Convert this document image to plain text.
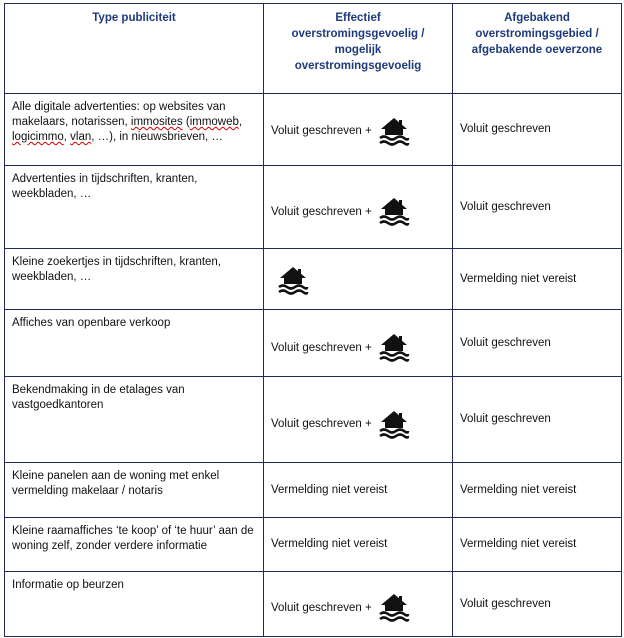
Type publiciteit	Effectief overstromingsgevoelig / mogelijk overstromingsgevoelig	Afgebakend overstromingsgebied / afgebakende oeverzone
Alle digitale advertenties: op websites van makelaars, notarissen, immosites (immoweb, logicimmo, vlan, …), in nieuwsbrieven, …	Voluit geschreven +	Voluit geschreven
Advertenties in tijdschriften, kranten, weekbladen, …	Voluit geschreven +	Voluit geschreven
Kleine zoekertjes in tijdschriften, kranten, weekbladen, …		Vermelding niet vereist
Affiches van openbare verkoop	Voluit geschreven +	Voluit geschreven
Bekendmaking in de etalages van vastgoedkantoren	Voluit geschreven +	Voluit geschreven
Kleine panelen aan de woning met enkel vermelding makelaar / notaris	Vermelding niet vereist	Vermelding niet vereist
Kleine raamaffiches ‘te koop’ of ‘te huur’ aan de woning zelf, zonder verdere informatie	Vermelding niet vereist	Vermelding niet vereist
Informatie op beurzen	Voluit geschreven +	Voluit geschreven
